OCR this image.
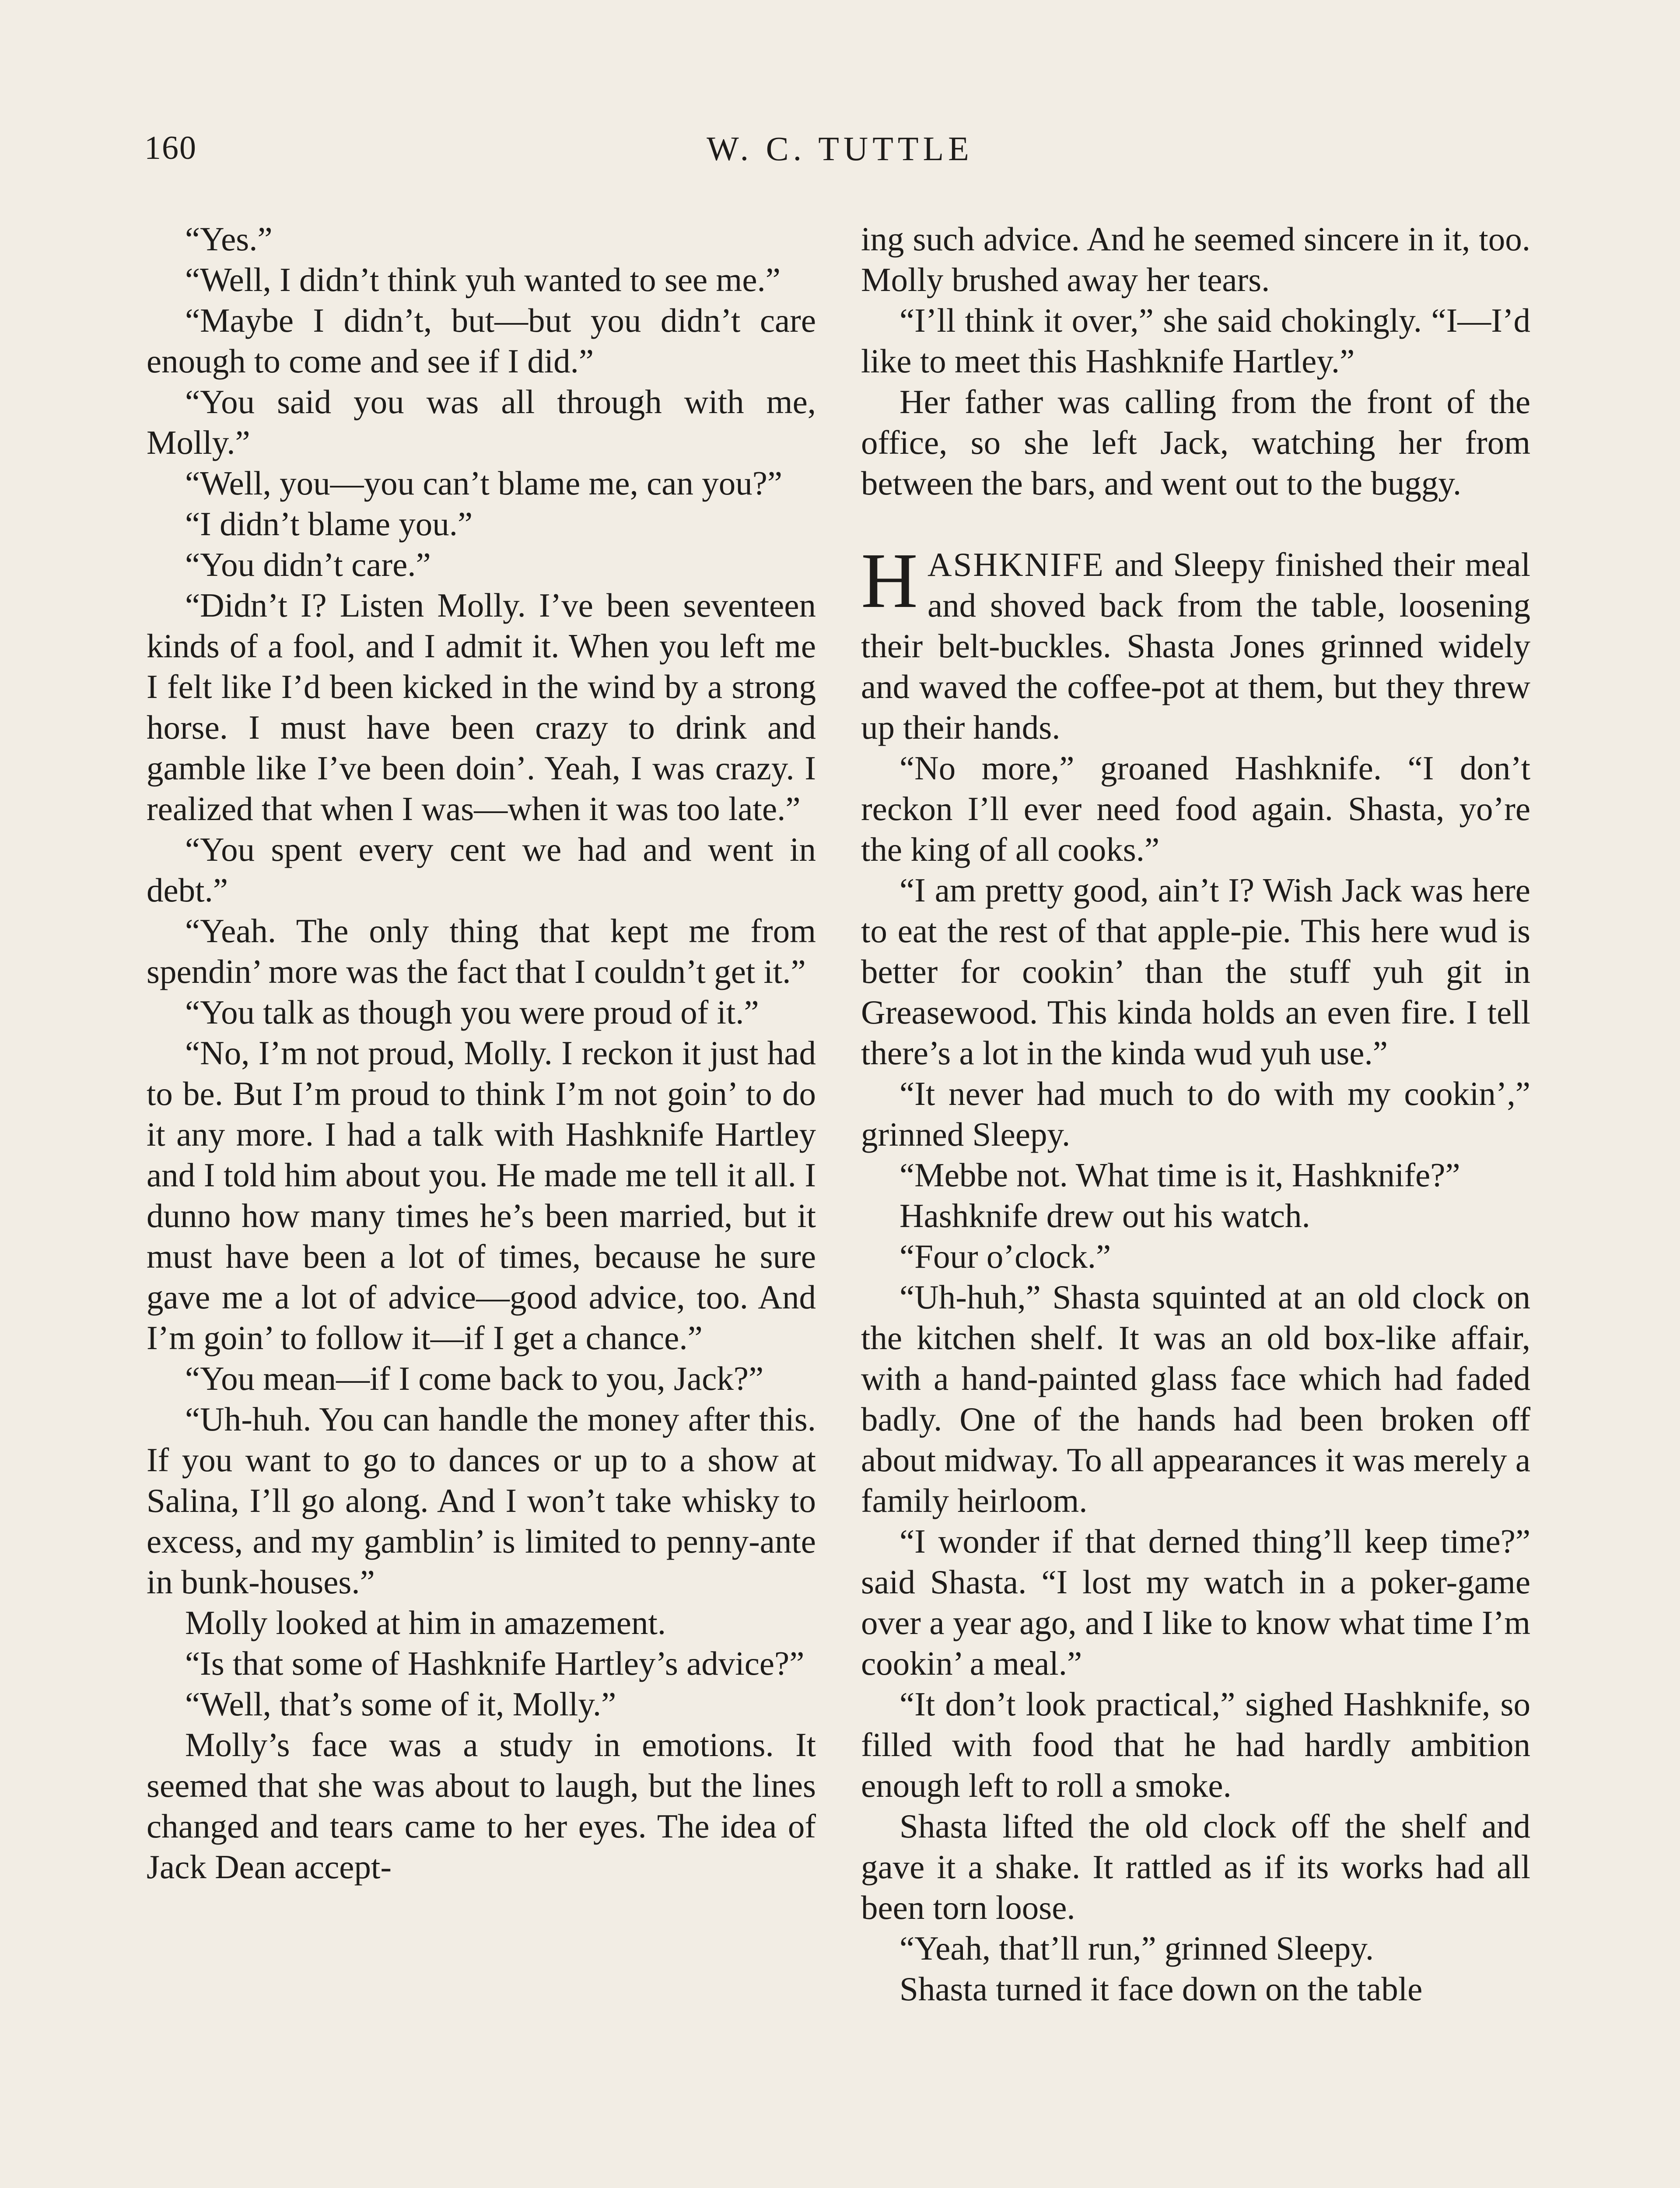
160	W. C. TUTTLE

“Yes.”

“Well, I didn’t think yuh wanted to see me.”

“Maybe I didn’t, but—but you didn’t care enough to come and see if I did.”

“You said you was all through with me, Molly.”

“Well, you—you can’t blame me, can you?”

“I didn’t blame you.”

“You didn’t care.”

“Didn’t I? Listen Molly. I’ve been seventeen kinds of a fool, and I admit it. When you left me I felt like I’d been kicked in the wind by a strong horse. I must have been crazy to drink and gamble like I’ve been doin’. Yeah, I was crazy. I realized that when I was—when it was too late.”

“You spent every cent we had and went in debt.”

“Yeah. The only thing that kept me from spendin’ more was the fact that I couldn’t get it.”

“You talk as though you were proud of it.”

“No, I’m not proud, Molly. I reckon it just had to be. But I’m proud to think I’m not goin’ to do it any more. I had a talk with Hashknife Hartley and I told him about you. He made me tell it all. I dunno how many times he’s been married, but it must have been a lot of times, because he sure gave me a lot of advice—good advice, too. And I’m goin’ to follow it—if I get a chance.”

“You mean—if I come back to you, Jack?”

“Uh-huh. You can handle the money after this. If you want to go to dances or up to a show at Salina, I’ll go along. And I won’t take whisky to excess, and my gamblin’ is limited to penny-ante in bunk-houses.”

Molly looked at him in amazement.

“Is that some of Hashknife Hartley’s advice?”

“Well, that’s some of it, Molly.”

Molly’s face was a study in emotions. It seemed that she was about to laugh, but the lines changed and tears came to her eyes. The idea of Jack Dean accept-

ing such advice. And he seemed sincere in it, too. Molly brushed away her tears.

“I’ll think it over,” she said chokingly. “I—I’d like to meet this Hashknife Hartley.”

Her father was calling from the front of the office, so she left Jack, watching her from between the bars, and went out to the buggy.

HASHKNIFE and Sleepy finished their meal and shoved back from the table, loosening their belt-buckles. Shasta Jones grinned widely and waved the coffee-pot at them, but they threw up their hands.

“No more,” groaned Hashknife. “I don’t reckon I’ll ever need food again. Shasta, yo’re the king of all cooks.”

“I am pretty good, ain’t I? Wish Jack was here to eat the rest of that apple-pie. This here wud is better for cookin’ than the stuff yuh git in Greasewood. This kinda holds an even fire. I tell there’s a lot in the kinda wud yuh use.”

“It never had much to do with my cookin’,” grinned Sleepy.

“Mebbe not. What time is it, Hashknife?”

Hashknife drew out his watch.

“Four o’clock.”

“Uh-huh,” Shasta squinted at an old clock on the kitchen shelf. It was an old box-like affair, with a hand-painted glass face which had faded badly. One of the hands had been broken off about midway. To all appearances it was merely a family heirloom.

“I wonder if that derned thing’ll keep time?” said Shasta. “I lost my watch in a poker-game over a year ago, and I like to know what time I’m cookin’ a meal.”

“It don’t look practical,” sighed Hashknife, so filled with food that he had hardly ambition enough left to roll a smoke.

Shasta lifted the old clock off the shelf and gave it a shake. It rattled as if its works had all been torn loose.

“Yeah, that’ll run,” grinned Sleepy.

Shasta turned it face down on the table
